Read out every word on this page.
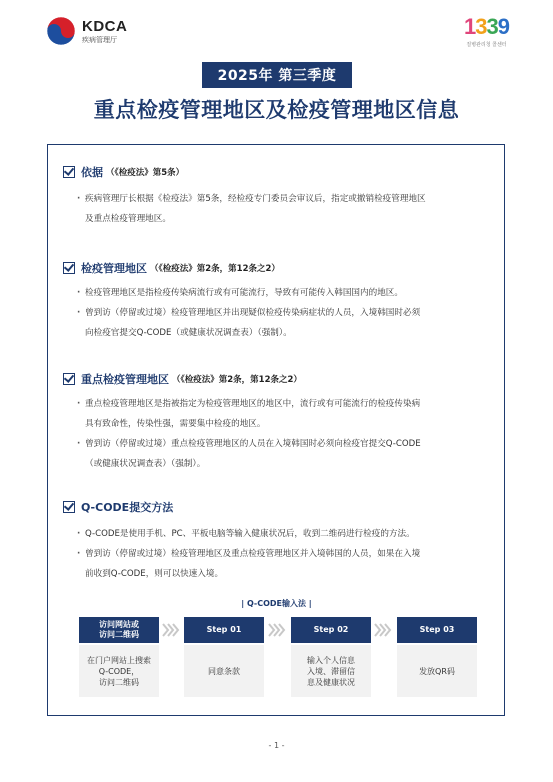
KDCA
疾病管理厅
1339
질병관리청 콜센터
2025年 第三季度
重点检疫管理地区及检疫管理地区信息
依据 （《检疫法》第5条）
· 疾病管理厅长根据《检疫法》第5条，经检疫专门委员会审议后，指定或撤销检疫管理地区
及重点检疫管理地区。
检疫管理地区 （《检疫法》第2条，第12条之2）
· 检疫管理地区是指检疫传染病流行或有可能流行，导致有可能传入韩国国内的地区。
· 曾到访（停留或过境）检疫管理地区并出现疑似检疫传染病症状的人员，入境韩国时必须
向检疫官提交Q-CODE（或健康状况调查表）（强制）。
重点检疫管理地区 （《检疫法》第2条，第12条之2）
· 重点检疫管理地区是指被指定为检疫管理地区的地区中，流行或有可能流行的检疫传染病
具有致命性，传染性强，需要集中检疫的地区。
· 曾到访（停留或过境）重点检疫管理地区的人员在入境韩国时必须向检疫官提交Q-CODE
（或健康状况调查表）（强制）。
Q-CODE提交方法
· Q-CODE是使用手机、PC、平板电脑等输入健康状况后，收到二维码进行检疫的方法。
· 曾到访（停留或过境）检疫管理地区及重点检疫管理地区并入境韩国的人员，如果在入境
前收到Q-CODE，则可以快速入境。
| Q-CODE输入法 |
访问网站或
访问二维码
在门户网站上搜索
Q-CODE，
访问二维码
Step 01
同意条款
Step 02
输入个人信息
入境、滞留信
息及健康状况
Step 03
发放QR码
- 1 -
